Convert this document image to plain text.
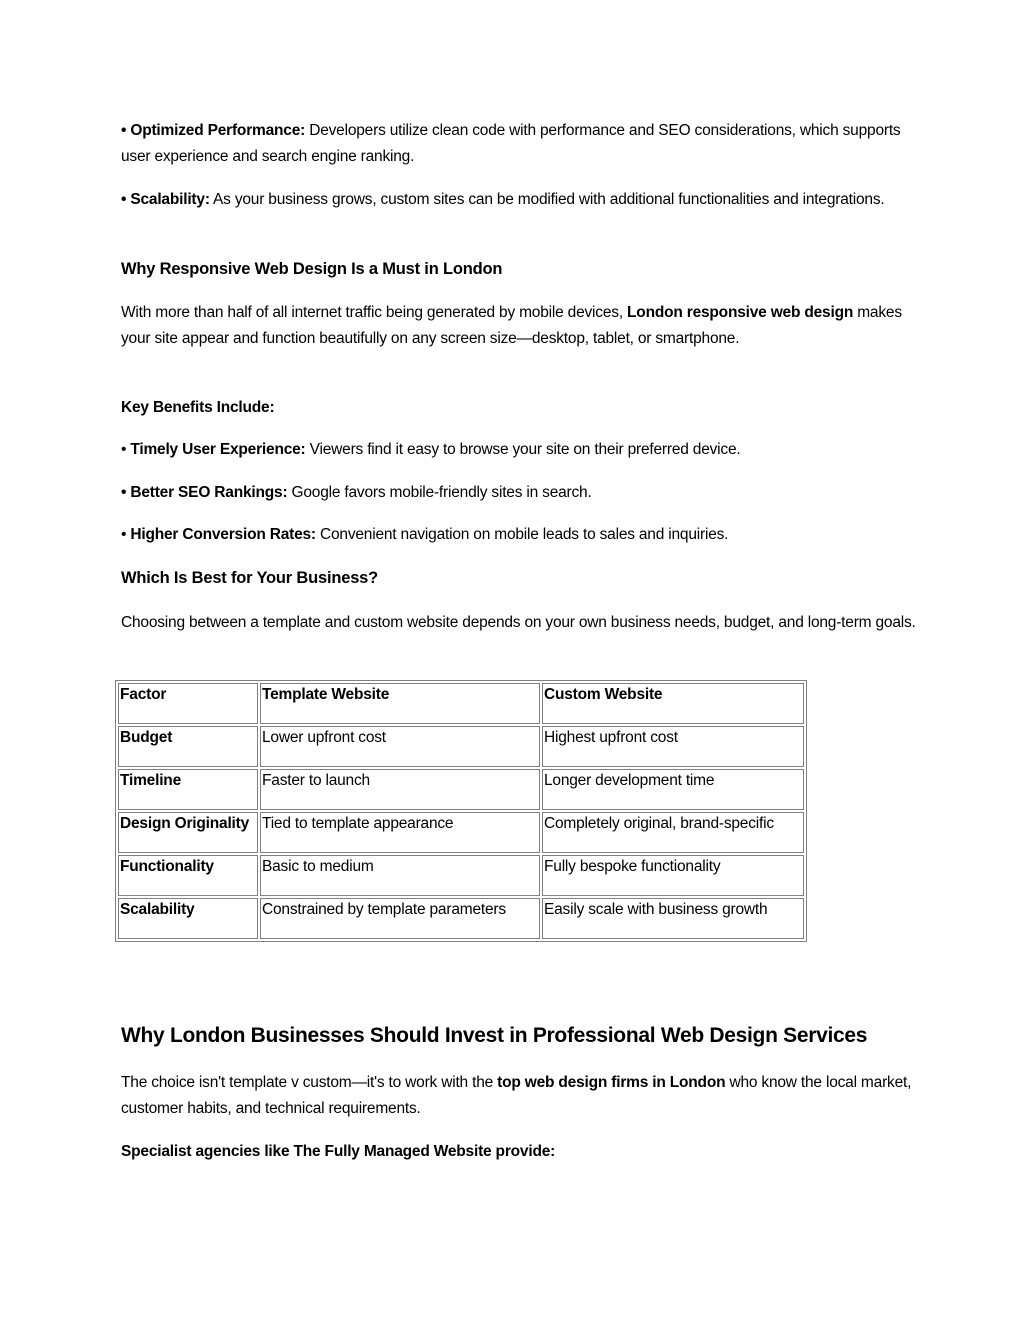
• Optimized Performance: Developers utilize clean code with performance and SEO considerations, which supports user experience and search engine ranking.

• Scalability: As your business grows, custom sites can be modified with additional functionalities and integrations.

Why Responsive Web Design Is a Must in London

With more than half of all internet traffic being generated by mobile devices, London responsive web design makes your site appear and function beautifully on any screen size—desktop, tablet, or smartphone.

Key Benefits Include:

• Timely User Experience: Viewers find it easy to browse your site on their preferred device.

• Better SEO Rankings: Google favors mobile-friendly sites in search.

• Higher Conversion Rates: Convenient navigation on mobile leads to sales and inquiries.

Which Is Best for Your Business?

Choosing between a template and custom website depends on your own business needs, budget, and long-term goals.

Factor	Template Website	Custom Website
Budget	Lower upfront cost	Highest upfront cost
Timeline	Faster to launch	Longer development time
Design Originality	Tied to template appearance	Completely original, brand-specific
Functionality	Basic to medium	Fully bespoke functionality
Scalability	Constrained by template parameters	Easily scale with business growth
Why London Businesses Should Invest in Professional Web Design Services

The choice isn't template v custom—it's to work with the top web design firms in London who know the local market, customer habits, and technical requirements.

Specialist agencies like The Fully Managed Website provide:
